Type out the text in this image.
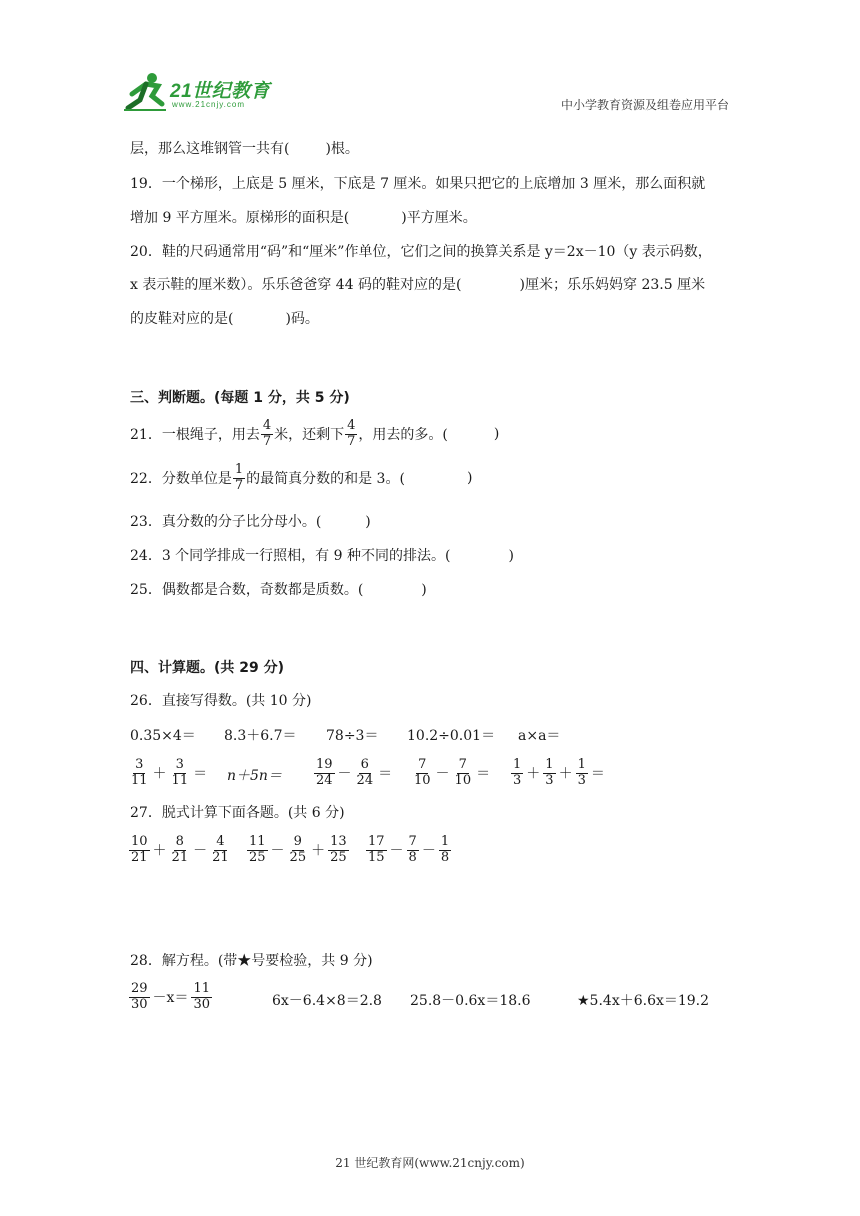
21世纪教育
www.21cnjy.com	中小学教育资源及组卷应用平台
层，那么这堆钢管一共有(	)根。
19．一个梯形，上底是 5 厘米，下底是 7 厘米。如果只把它的上底增加 3 厘米，那么面积就
增加 9 平方厘米。原梯形的面积是(	)平方厘米。
20．鞋的尺码通常用“码”和“厘米”作单位，它们之间的换算关系是 y＝2x－10（y 表示码数，
x 表示鞋的厘米数）。乐乐爸爸穿 44 码的鞋对应的是(	)厘米；乐乐妈妈穿 23.5 厘米
的皮鞋对应的是(	)码。
三、判断题。(每题 1 分，共 5 分)
21．一根绳子，用去 $\frac{4}{7}$ 米，还剩下 $\frac{4}{7}$ ，用去的多。(	)
22．分数单位是 $\frac{1}{7}$ 的最简真分数的和是 3。(	)
23．真分数的分子比分母小。(	)
24．3 个同学排成一行照相，有 9 种不同的排法。(	)
25．偶数都是合数，奇数都是质数。(	)
四、计算题。(共 29 分)
26．直接写得数。(共 10 分)
0.35×4＝ 8.3＋6.7＝ 78÷3＝ 10.2÷0.01＝ a×a＝
$\frac{3}{11} + \frac{3}{11} = n+5n= \frac{19}{24} - \frac{6}{24} = \frac{7}{10} - \frac{7}{10} = \frac{1}{3} + \frac{1}{3} + \frac{1}{3}$ ＝
27．脱式计算下面各题。(共 6 分)
$\frac{10}{21} + \frac{8}{21} - \frac{4}{21} \frac{11}{25} - \frac{9}{25} + \frac{13}{25} \frac{17}{15} - \frac{7}{8} - \frac{1}{8}$
28．解方程。(带★号要检验，共 9 分)
$\frac{29}{30} -x= \frac{11}{30}$	6x－6.4×8＝2.8 25.8－0.6x＝18.6	★5.4x＋6.6x＝19.2
21 世纪教育网(www.21cnjy.com)
